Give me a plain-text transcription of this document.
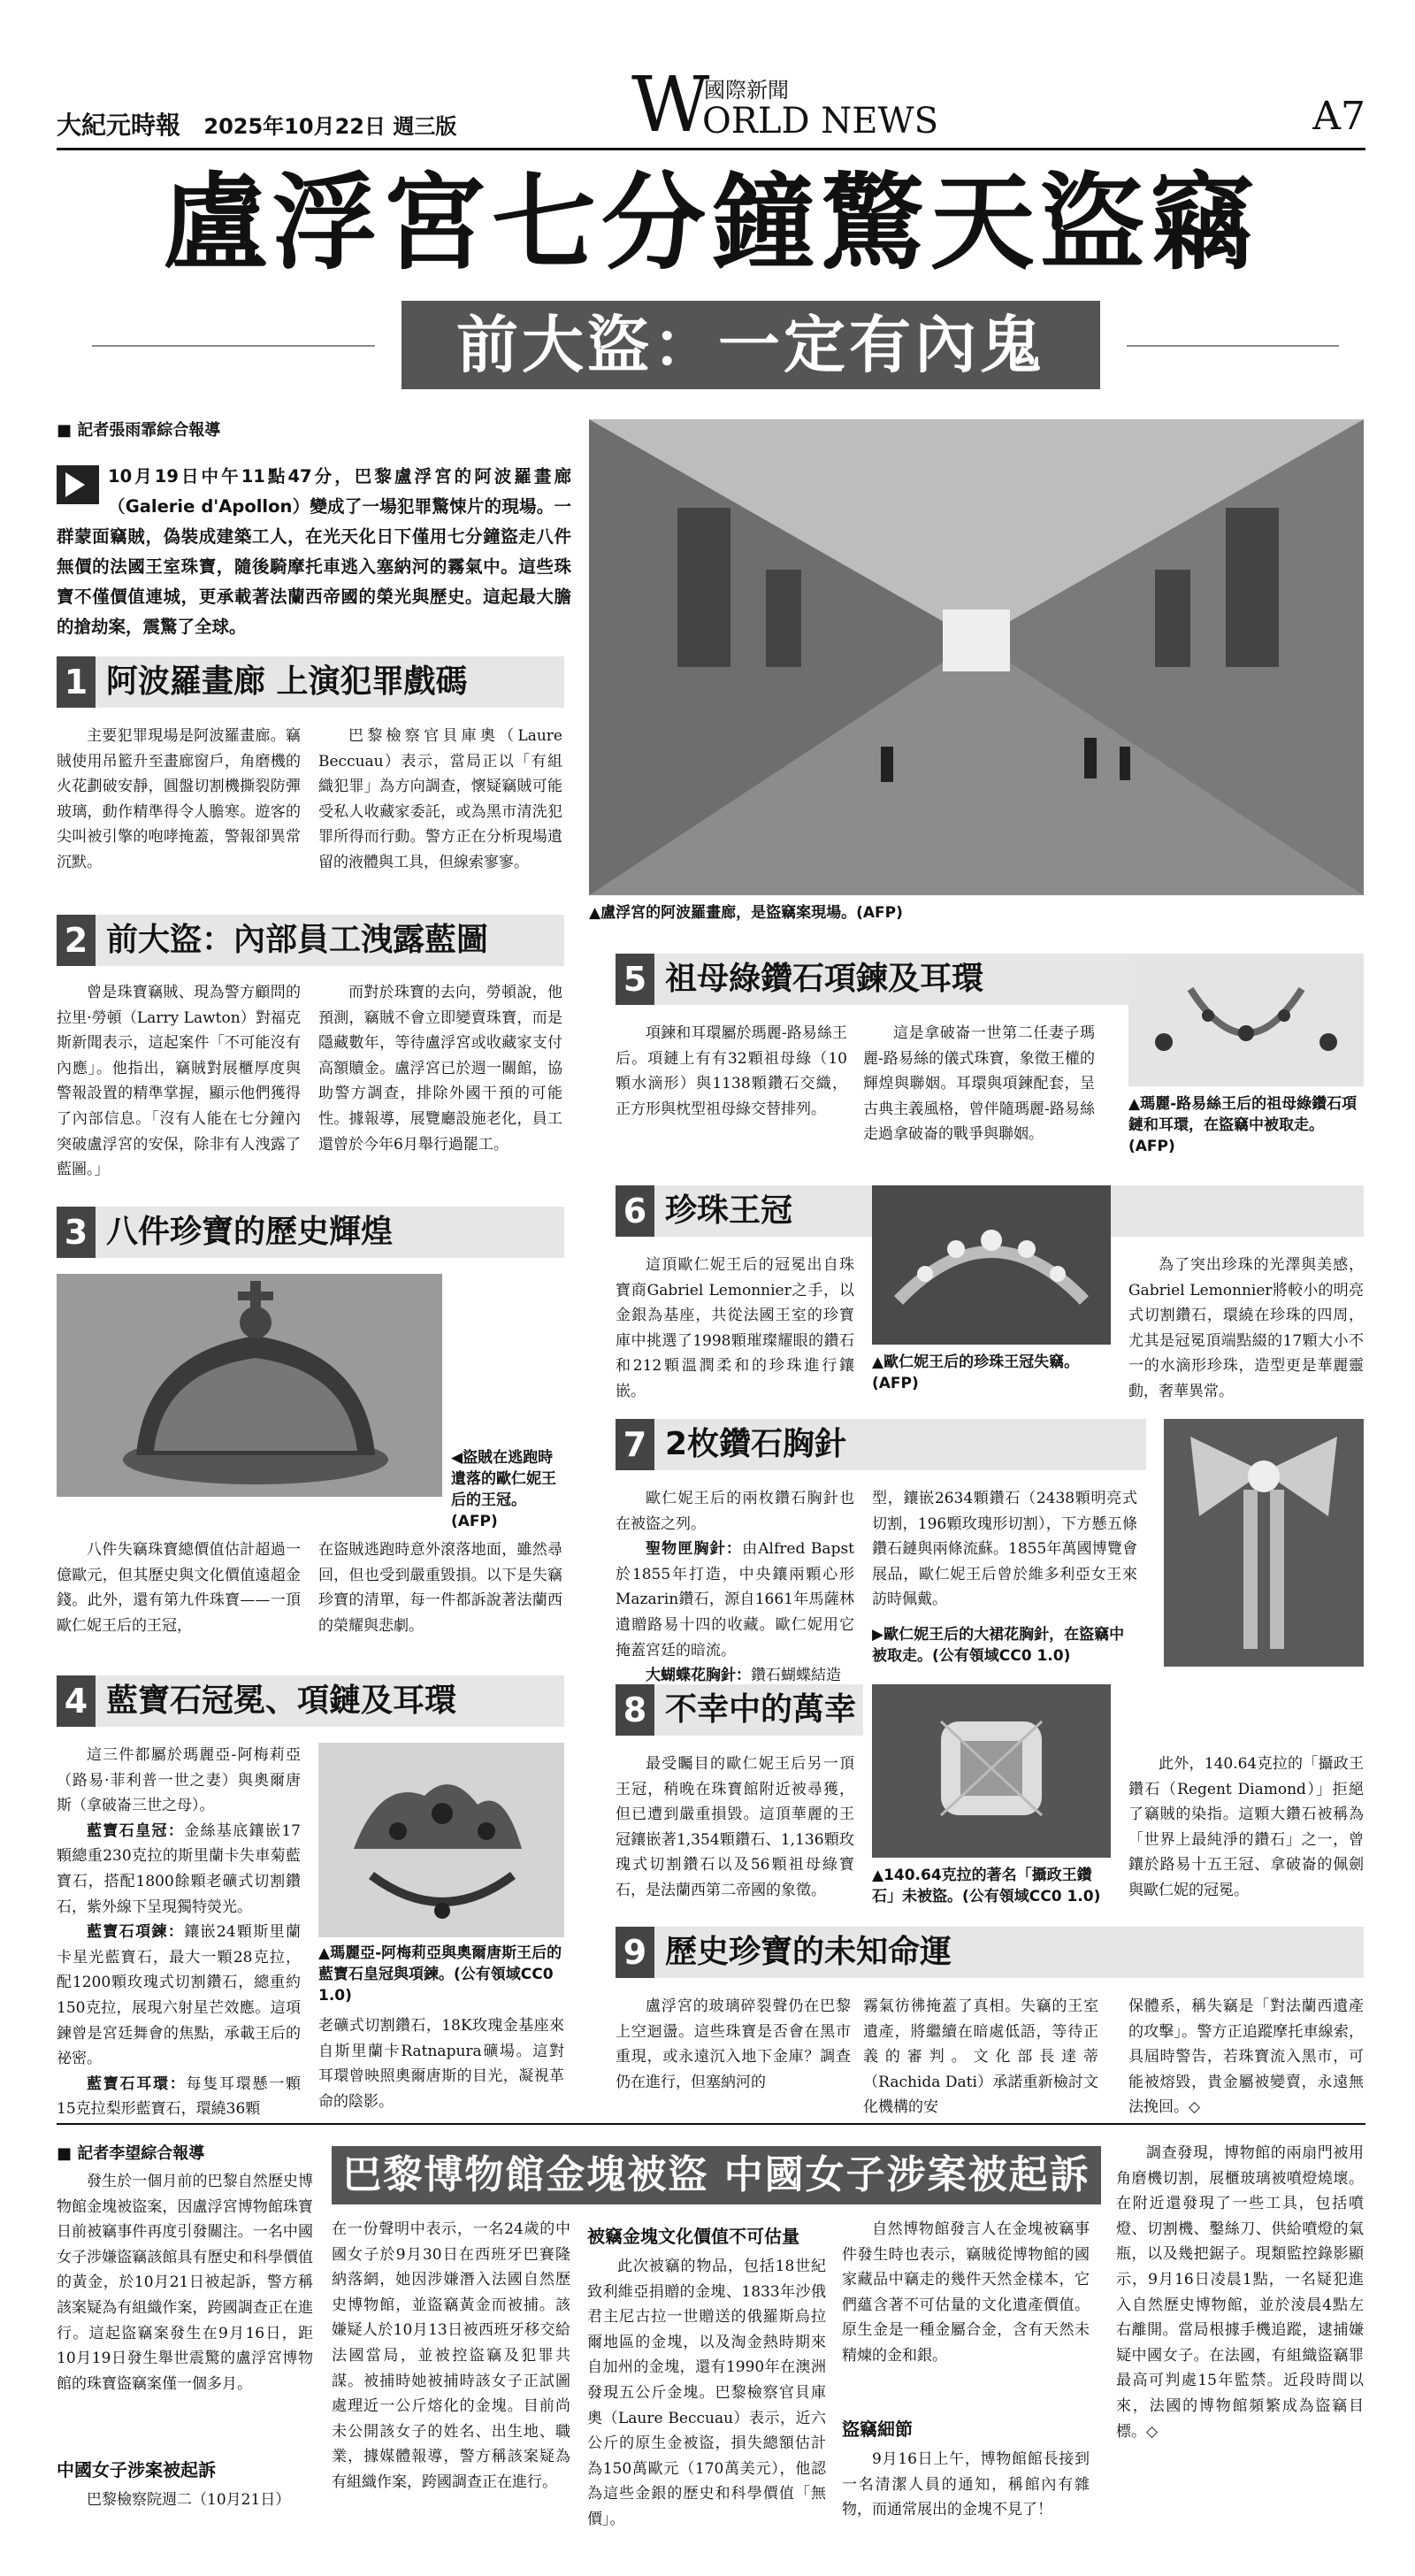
大紀元時報 2025年10月22日 週三版 W
國際新聞
ORLD NEWS	A7
盧浮宮七分鐘驚天盜竊
前大盜：一定有內鬼
■ 記者張雨霏綜合報導
10月19日中午11點47分，巴黎盧浮宮的阿波羅畫廊（Galerie d'Apollon）變成了一場犯罪驚悚片的現場。一群蒙面竊賊，偽裝成建築工人，在光天化日下僅用七分鐘盜走八件無價的法國王室珠寶，隨後騎摩托車逃入塞納河的霧氣中。這些珠寶不僅價值連城，更承載著法蘭西帝國的榮光與歷史。這起最大膽的搶劫案，震驚了全球。
▲盧浮宮的阿波羅畫廊，是盜竊案現場。(AFP)
1 阿波羅畫廊 上演犯罪戲碼
主要犯罪現場是阿波羅畫廊。竊賊使用吊籃升至畫廊窗戶，角磨機的火花劃破安靜，圓盤切割機撕裂防彈玻璃，動作精準得令人膽寒。遊客的尖叫被引擎的咆哮掩蓋，警報卻異常沉默。
巴黎檢察官貝庫奧（Laure Beccuau）表示，當局正以「有組織犯罪」為方向調查，懷疑竊賊可能受私人收藏家委託，或為黑市清洗犯罪所得而行動。警方正在分析現場遺留的液體與工具，但線索寥寥。
2 前大盜：內部員工洩露藍圖
曾是珠寶竊賊、現為警方顧問的拉里·勞頓（Larry Lawton）對福克斯新聞表示，這起案件「不可能沒有內應」。他指出，竊賊對展櫃厚度與警報設置的精準掌握，顯示他們獲得了內部信息。「沒有人能在七分鐘內突破盧浮宮的安保，除非有人洩露了藍圖。」
而對於珠寶的去向，勞頓說，他預測，竊賊不會立即變賣珠寶，而是隱藏數年，等待盧浮宮或收藏家支付高額贖金。盧浮宮已於週一關館，協助警方調查，排除外國干預的可能性。據報導，展覽廳設施老化，員工還曾於今年6月舉行過罷工。
3 八件珍寶的歷史輝煌
◀盜賊在逃跑時遺落的歐仁妮王后的王冠。(AFP)
八件失竊珠寶總價值估計超過一億歐元，但其歷史與文化價值遠超金錢。此外，還有第九件珠寶——一頂歐仁妮王后的王冠，
在盜賊逃跑時意外滾落地面，雖然尋回，但也受到嚴重毀損。以下是失竊珍寶的清單，每一件都訴說著法蘭西的榮耀與悲劇。
4 藍寶石冠冕、項鏈及耳環
這三件都屬於瑪麗亞-阿梅莉亞（路易·菲利普一世之妻）與奧爾唐斯（拿破崙三世之母）。
藍寶石皇冠：金絲基底鑲嵌17顆總重230克拉的斯里蘭卡失車菊藍寶石，搭配1800餘顆老礦式切割鑽石，紫外線下呈現獨特熒光。
藍寶石項鍊：鑲嵌24顆斯里蘭卡星光藍寶石，最大一顆28克拉，配1200顆玫瑰式切割鑽石，總重約150克拉，展現六射星芒效應。這項鍊曾是宮廷舞會的焦點，承載王后的祕密。
藍寶石耳環：每隻耳環懸一顆15克拉梨形藍寶石，環繞36顆
▲瑪麗亞-阿梅莉亞與奧爾唐斯王后的藍寶石皇冠與項鍊。(公有領域CC0 1.0)
老礦式切割鑽石，18K玫瑰金基座來自斯里蘭卡Ratnapura礦場。這對耳環曾映照奧爾唐斯的目光，凝視革命的陰影。
5 祖母綠鑽石項鍊及耳環
項鍊和耳環屬於瑪麗-路易絲王后。項鏈上有有32顆祖母綠（10顆水滴形）與1138顆鑽石交織，正方形與枕型祖母綠交替排列。
這是拿破崙一世第二任妻子瑪麗-路易絲的儀式珠寶，象徵王權的輝煌與聯姻。耳環與項鍊配套，呈古典主義風格，曾伴隨瑪麗-路易絲走過拿破崙的戰爭與聯姻。
▲瑪麗-路易絲王后的祖母綠鑽石項鏈和耳環，在盜竊中被取走。(AFP)
6 珍珠王冠
這頂歐仁妮王后的冠冕出自珠寶商Gabriel Lemonnier之手，以金銀為基座，共從法國王室的珍寶庫中挑選了1998顆璀璨耀眼的鑽石和212顆溫潤柔和的珍珠進行鑲嵌。
▲歐仁妮王后的珍珠王冠失竊。(AFP)
為了突出珍珠的光澤與美感，Gabriel Lemonnier將較小的明亮式切割鑽石，環繞在珍珠的四周，尤其是冠冕頂端點綴的17顆大小不一的水滴形珍珠，造型更是華麗靈動，奢華異常。
7 2枚鑽石胸針
歐仁妮王后的兩枚鑽石胸針也在被盜之列。
聖物匣胸針：由Alfred Bapst於1855年打造，中央鑲兩顆心形Mazarin鑽石，源自1661年馬薩林遺贈路易十四的收藏。歐仁妮用它掩蓋宮廷的暗流。
大蝴蝶花胸針：鑽石蝴蝶結造
型，鑲嵌2634顆鑽石（2438顆明亮式切割，196顆玫瑰形切割），下方懸五條鑽石鏈與兩條流蘇。1855年萬國博覽會展品，歐仁妮王后曾於維多利亞女王來訪時佩戴。
▶歐仁妮王后的大裙花胸針，在盜竊中被取走。(公有領域CC0 1.0)
8 不幸中的萬幸
最受矚目的歐仁妮王后另一頂王冠，稍晚在珠寶館附近被尋獲，但已遭到嚴重損毀。這頂華麗的王冠鑲嵌著1,354顆鑽石、1,136顆玫瑰式切割鑽石以及56顆祖母綠寶石，是法蘭西第二帝國的象徵。
▲140.64克拉的著名「攝政王鑽石」未被盜。(公有領域CC0 1.0)
此外，140.64克拉的「攝政王鑽石（Regent Diamond）」拒絕了竊賊的染指。這顆大鑽石被稱為「世界上最純淨的鑽石」之一，曾鑲於路易十五王冠、拿破崙的佩劍與歐仁妮的冠冕。
9 歷史珍寶的未知命運
盧浮宮的玻璃碎裂聲仍在巴黎上空迴盪。這些珠寶是否會在黑市重現，或永遠沉入地下金庫？調查仍在進行，但塞納河的
霧氣彷彿掩蓋了真相。失竊的王室遺產，將繼續在暗處低語，等待正義的審判。文化部長達蒂（Rachida Dati）承諾重新檢討文化機構的安
保體系，稱失竊是「對法蘭西遺產的攻擊」。警方正追蹤摩托車線索，具屆時警告，若珠寶流入黑市，可能被熔毀，貴金屬被變賣，永遠無法挽回。◇
■ 記者李望綜合報導	巴黎博物館金塊被盜 中國女子涉案被起訴
發生於一個月前的巴黎自然歷史博物館金塊被盜案，因盧浮宮博物館珠寶日前被竊事件再度引發關注。一名中國女子涉嫌盜竊該館具有歷史和科學價值的黃金，於10月21日被起訴，警方稱該案疑為有組織作案，跨國調查正在進行。這起盜竊案發生在9月16日，距10月19日發生舉世震驚的盧浮宮博物館的珠寶盜竊案僅一個多月。
中國女子涉案被起訴
巴黎檢察院週二（10月21日）
在一份聲明中表示，一名24歲的中國女子於9月30日在西班牙巴賽隆納落網，她因涉嫌潛入法國自然歷史博物館，並盜竊黃金而被捕。該嫌疑人於10月13日被西班牙移交給法國當局，並被控盜竊及犯罪共謀。被捕時她被捕時該女子正試圖處理近一公斤熔化的金塊。目前尚未公開該女子的姓名、出生地、職業，據媒體報導，警方稱該案疑為有組織作案，跨國調查正在進行。
被竊金塊文化價值不可估量
此次被竊的物品，包括18世紀致利維亞捐贈的金塊、1833年沙俄君主尼古拉一世贈送的俄羅斯烏拉爾地區的金塊，以及淘金熱時期來自加州的金塊，還有1990年在澳洲發現五公斤金塊。巴黎檢察官貝庫奧（Laure Beccuau）表示，近六公斤的原生金被盜，損失總額估計為150萬歐元（170萬美元），他認為這些金銀的歷史和科學價值「無價」。
自然博物館發言人在金塊被竊事件發生時也表示，竊賊從博物館的國家藏品中竊走的幾件天然金樣本，它們蘊含著不可估量的文化遺產價值。原生金是一種金屬合金，含有天然未精煉的金和銀。
盜竊細節
9月16日上午，博物館館長接到一名清潔人員的通知，稱館內有雜物，而通常展出的金塊不見了！
調查發現，博物館的兩扇門被用角磨機切割，展櫃玻璃被噴燈燒壞。在附近還發現了一些工具，包括噴燈、切割機、鑿絲刀、供給噴燈的氣瓶，以及幾把鋸子。現類監控錄影顯示，9月16日凌晨1點，一名疑犯進入自然歷史博物館，並於淩晨4點左右離開。當局根據手機追蹤，逮捕嫌疑中國女子。在法國，有組織盜竊罪最高可判處15年監禁。近段時間以來，法國的博物館頻繁成為盜竊目標。◇
